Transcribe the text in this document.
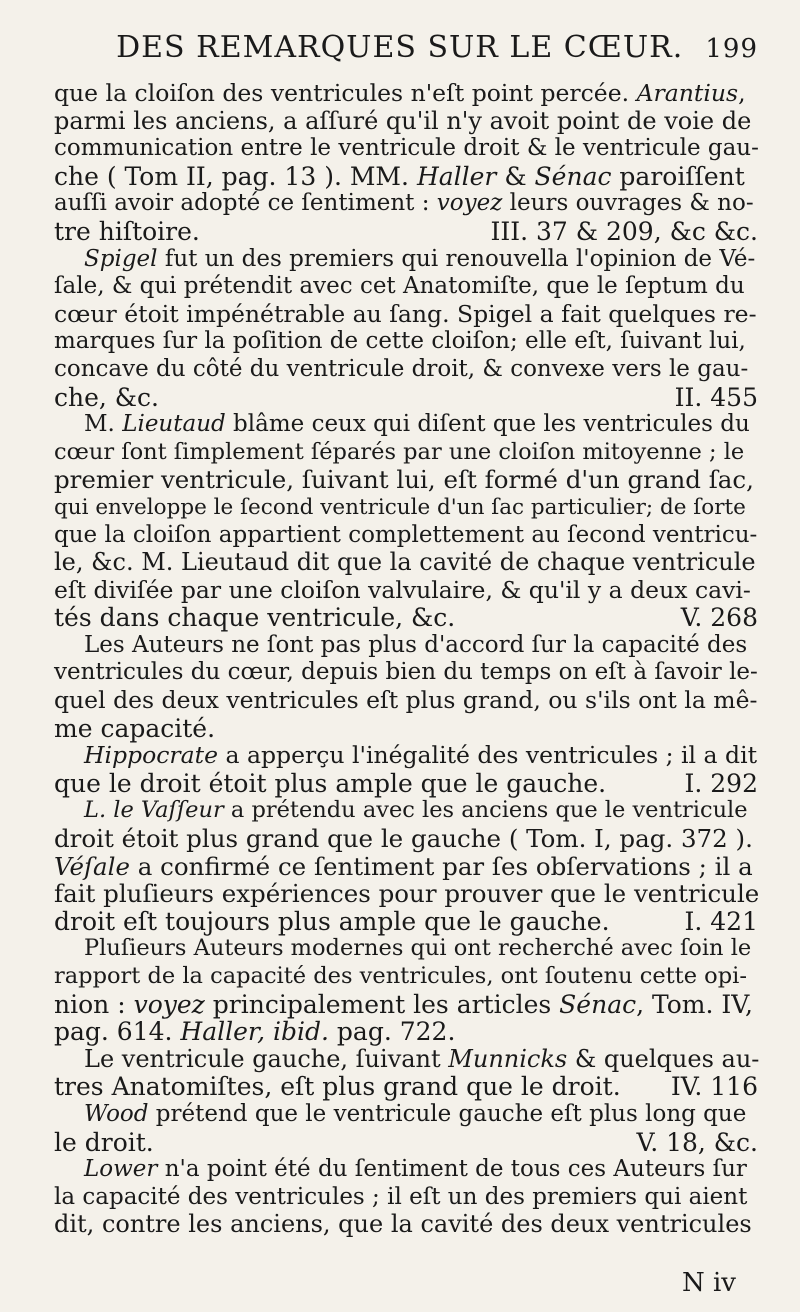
DES REMARQUES SUR LE CŒUR. 199
que la cloiſon des ventricules n'eſt point percée. Arantius,
parmi les anciens, a aſſuré qu'il n'y avoit point de voie de
communication entre le ventricule droit & le ventricule gau-
che ( Tom II, pag. 13 ). MM. Haller & Sénac paroiſſent
auſſi avoir adopté ce ſentiment : voyez leurs ouvrages & no-
tre hiſtoire.	III. 37 & 209, &c &c.
Spigel fut un des premiers qui renouvella l'opinion de Vé-
ſale, & qui prétendit avec cet Anatomiſte, que le ſeptum du
cœur étoit impénétrable au ſang. Spigel a fait quelques re-
marques ſur la poſition de cette cloiſon; elle eſt, ſuivant lui,
concave du côté du ventricule droit, & convexe vers le gau-
che, &c.	II. 455
M. Lieutaud blâme ceux qui diſent que les ventricules du
cœur ſont ſimplement ſéparés par une cloiſon mitoyenne ; le
premier ventricule, ſuivant lui, eſt formé d'un grand ſac,
qui enveloppe le ſecond ventricule d'un ſac particulier; de ſorte
que la cloiſon appartient complettement au ſecond ventricu-
le, &c. M. Lieutaud dit que la cavité de chaque ventricule
eſt diviſée par une cloiſon valvulaire, & qu'il y a deux cavi-
tés dans chaque ventricule, &c.	V. 268
Les Auteurs ne ſont pas plus d'accord ſur la capacité des
ventricules du cœur, depuis bien du temps on eſt à ſavoir le-
quel des deux ventricules eſt plus grand, ou s'ils ont la mê-
me capacité.
Hippocrate a apperçu l'inégalité des ventricules ; il a dit
que le droit étoit plus ample que le gauche.	I. 292
L. le Vaſſeur a prétendu avec les anciens que le ventricule
droit étoit plus grand que le gauche ( Tom. I, pag. 372 ).
Véſale a confirmé ce ſentiment par ſes obſervations ; il a
fait pluſieurs expériences pour prouver que le ventricule
droit eſt toujours plus ample que le gauche.	I. 421
Pluſieurs Auteurs modernes qui ont recherché avec ſoin le
rapport de la capacité des ventricules, ont ſoutenu cette opi-
nion : voyez principalement les articles Sénac, Tom. IV,
pag. 614. Haller, ibid. pag. 722.
Le ventricule gauche, ſuivant Munnicks & quelques au-
tres Anatomiſtes, eſt plus grand que le droit. IV. 116
Wood prétend que le ventricule gauche eſt plus long que
le droit.	V. 18, &c.
Lower n'a point été du ſentiment de tous ces Auteurs ſur
la capacité des ventricules ; il eſt un des premiers qui aient
dit, contre les anciens, que la cavité des deux ventricules
N iv
